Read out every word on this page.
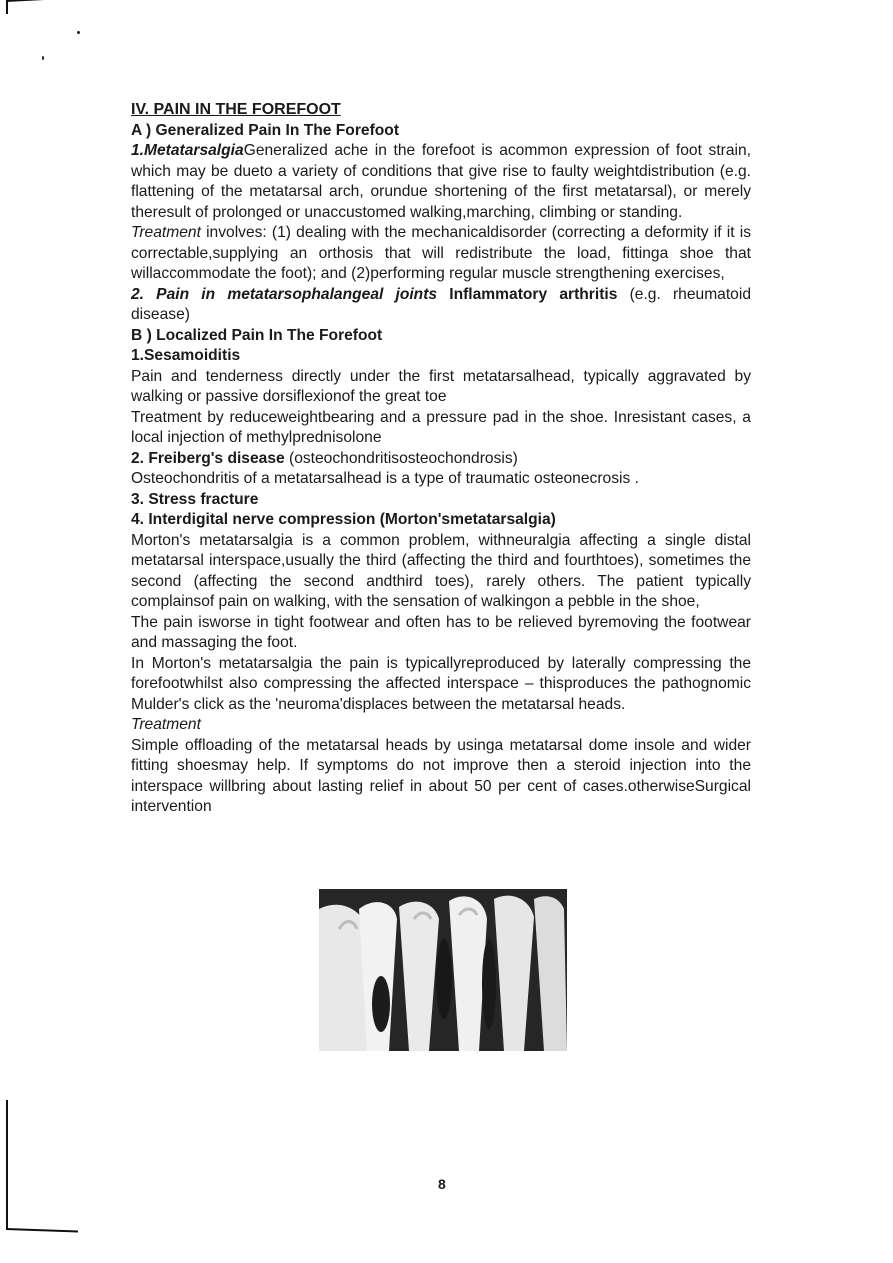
IV. PAIN IN THE FOREFOOT

A ) Generalized Pain In The Forefoot

1.MetatarsalgiaGeneralized ache in the forefoot is acommon expression of foot strain, which may be dueto a variety of conditions that give rise to faulty weightdistribution (e.g. flattening of the metatarsal arch, orundue shortening of the first metatarsal), or merely theresult of prolonged or unaccustomed walking,marching, climbing or standing.

Treatment involves: (1) dealing with the mechanicaldisorder (correcting a deformity if it is correctable,supplying an orthosis that will redistribute the load, fittinga shoe that willaccommodate the foot); and (2)performing regular muscle strengthening exercises,

2. Pain in metatarsophalangeal joints Inflammatory arthritis (e.g. rheumatoid disease)

B ) Localized Pain In The Forefoot

1.Sesamoiditis

Pain and tenderness directly under the first metatarsalhead, typically aggravated by walking or passive dorsiflexionof the great toe

Treatment by reduceweightbearing and a pressure pad in the shoe. Inresistant cases, a local injection of methylprednisolone

2. Freiberg's disease (osteochondritisosteochondrosis)

Osteochondritis of a metatarsalhead is a type of traumatic osteonecrosis .

3. Stress fracture

4. Interdigital nerve compression (Morton'smetatarsalgia)

Morton's metatarsalgia is a common problem, withneuralgia affecting a single distal metatarsal interspace,usually the third (affecting the third and fourthtoes), sometimes the second (affecting the second andthird toes), rarely others. The patient typically complainsof pain on walking, with the sensation of walkingon a pebble in the shoe,

The pain isworse in tight footwear and often has to be relieved byremoving the footwear and massaging the foot.

In Morton's metatarsalgia the pain is typicallyreproduced by laterally compressing the forefootwhilst also compressing the affected interspace – thisproduces the pathognomic Mulder's click as the 'neuroma'displaces between the metatarsal heads.

Treatment

Simple offloading of the metatarsal heads by usinga metatarsal dome insole and wider fitting shoesmay help. If symptoms do not improve then a steroid injection into the interspace willbring about lasting relief in about 50 per cent of cases.otherwiseSurgical intervention

8
